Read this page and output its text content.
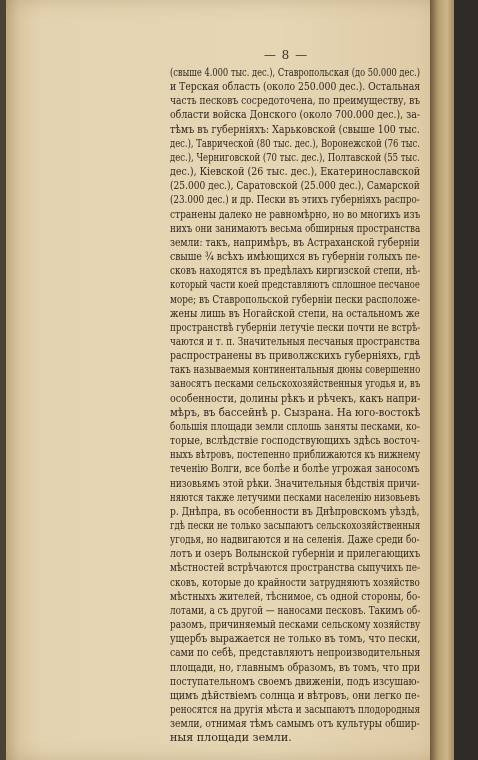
— 8 —
(свыше 4.000 тыс. дес.), Ставропольская (до 50.000 дес.)
и Терская область (около 250.000 дес.). Остальная
часть песковъ сосредоточена, по преимуществу, въ
области войска Донского (около 700.000 дес.), за-
тѣмъ въ губерніяхъ: Харьковской (свыше 100 тыс.
дес.), Таврической (80 тыс. дес.), Воронежской (76 тыс.
дес.), Черниговской (70 тыс. дес.), Полтавской (55 тыс.
дес.), Кіевской (26 тыс. дес.), Екатеринославской
(25.000 дес.), Саратовской (25.000 дес.), Самарской
(23.000 дес.) и др. Пески въ этихъ губерніяхъ распро-
странены далеко не равномѣрно, но во многихъ изъ
нихъ они занимаютъ весьма обширныя пространства
земли: такъ, напримѣръ, въ Астраханской губерніи
свыше ¾ всѣхъ имѣющихся въ губерніи голыхъ пе-
сковъ находятся въ предѣлахъ киргизской степи, нѣ-
который части коей представляютъ сплошное песчаное
море; въ Ставропольской губерніи пески расположе-
жены лишь въ Ногайской степи, на остальномъ же
пространствѣ губерніи летучіе пески почти не встрѣ-
чаются и т. п. Значительныя песчаныя пространства
распространены въ приволжскихъ губерніяхъ, гдѣ
такъ называемыя континентальныя дюны совершенно
заносятъ песками сельскохозяйственныя угодья и, въ
особенности, долины рѣкъ и рѣчекъ, какъ напри-
мѣръ, въ бассейнѣ р. Сызрана. На юго-востокѣ
большія площади земли сплошь заняты песками, ко-
торые, вслѣдствіе господствующихъ здѣсь восточ-
ныхъ вѣтровъ, постепенно приближаются къ нижнему
теченію Волги, все болѣе и болѣе угрожая заносомъ
низовьямъ этой рѣки. Значительныя бѣдствія причи-
няются также летучими песками населенію низовьевъ
р. Днѣпра, въ особенности въ Днѣпровскомъ уѣздѣ,
гдѣ пески не только засыпаютъ сельскохозяйственныя
угодья, но надвигаются и на селенія. Даже среди бо-
лотъ и озеръ Волынской губерніи и прилегающихъ
мѣстностей встрѣчаются пространства сыпучихъ пе-
сковъ, которые до крайности затрудняютъ хозяйство
мѣстныхъ жителей, тѣснимое, съ одной стороны, бо-
лотами, а съ другой — наносами песковъ. Такимъ об-
разомъ, причиняемый песками сельскому хозяйству
ущербъ выражается не только въ томъ, что пески,
сами по себѣ, представляютъ непроизводительныя
площади, но, главнымъ образомъ, въ томъ, что при
поступательномъ своемъ движеніи, подъ изсушаю-
щимъ дѣйствіемъ солнца и вѣтровъ, они легко пе-
реносятся на другія мѣста и засыпаютъ плодородныя
земли, отнимая тѣмъ самымъ отъ культуры обшир-
ныя площади земли.
